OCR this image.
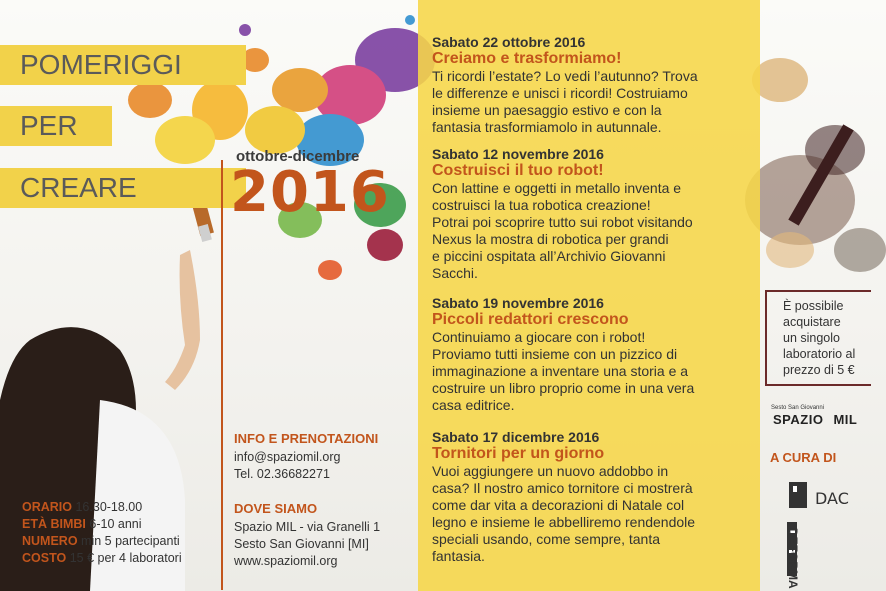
POMERIGGI
PER
CREARE
ottobre-dicembre
2016
ORARIO 16.30-18.00
ETÀ BIMBI 6-10 anni
NUMERO min 5 partecipanti
COSTO 15 € per 4 laboratori
INFO E PRENOTAZIONI
info@spaziomil.org
Tel. 02.36682271
DOVE SIAMO
Spazio MIL - via Granelli 1
Sesto San Giovanni [MI]
www.spaziomil.org
Sabato 22 ottobre 2016
Creiamo e trasformiamo!
Ti ricordi l’estate? Lo vedi l’autunno? Trova
le differenze e unisci i ricordi! Costruiamo
insieme un paesaggio estivo e con la
fantasia trasformiamolo in autunnale.
Sabato 12 novembre 2016
Costruisci il tuo robot!
Con lattine e oggetti in metallo inventa e
costruisci la tua robotica creazione!
Potrai poi scoprire tutto sui robot visitando
Nexus la mostra di robotica per grandi
e piccini ospitata all’Archivio Giovanni
Sacchi.
Sabato 19 novembre 2016
Piccoli redattori crescono
Continuiamo a giocare con i robot!
Proviamo tutti insieme con un pizzico di
immaginazione a inventare una storia e a
costruire un libro proprio come in una vera
casa editrice.
Sabato 17 dicembre 2016
Tornitori per un giorno
Vuoi aggiungere un nuovo addobbo in
casa? Il nostro amico tornitore ci mostrerà
come dar vita a decorazioni di Natale col
legno e insieme le abbelliremo rendendole
speciali usando, come sempre, tanta
fantasia.
È possibile
acquistare
un singolo
laboratorio al
prezzo di 5 €
Sesto San Giovanni
SPAZIO MIL
A CURA DI
DAC
DEFORMA
